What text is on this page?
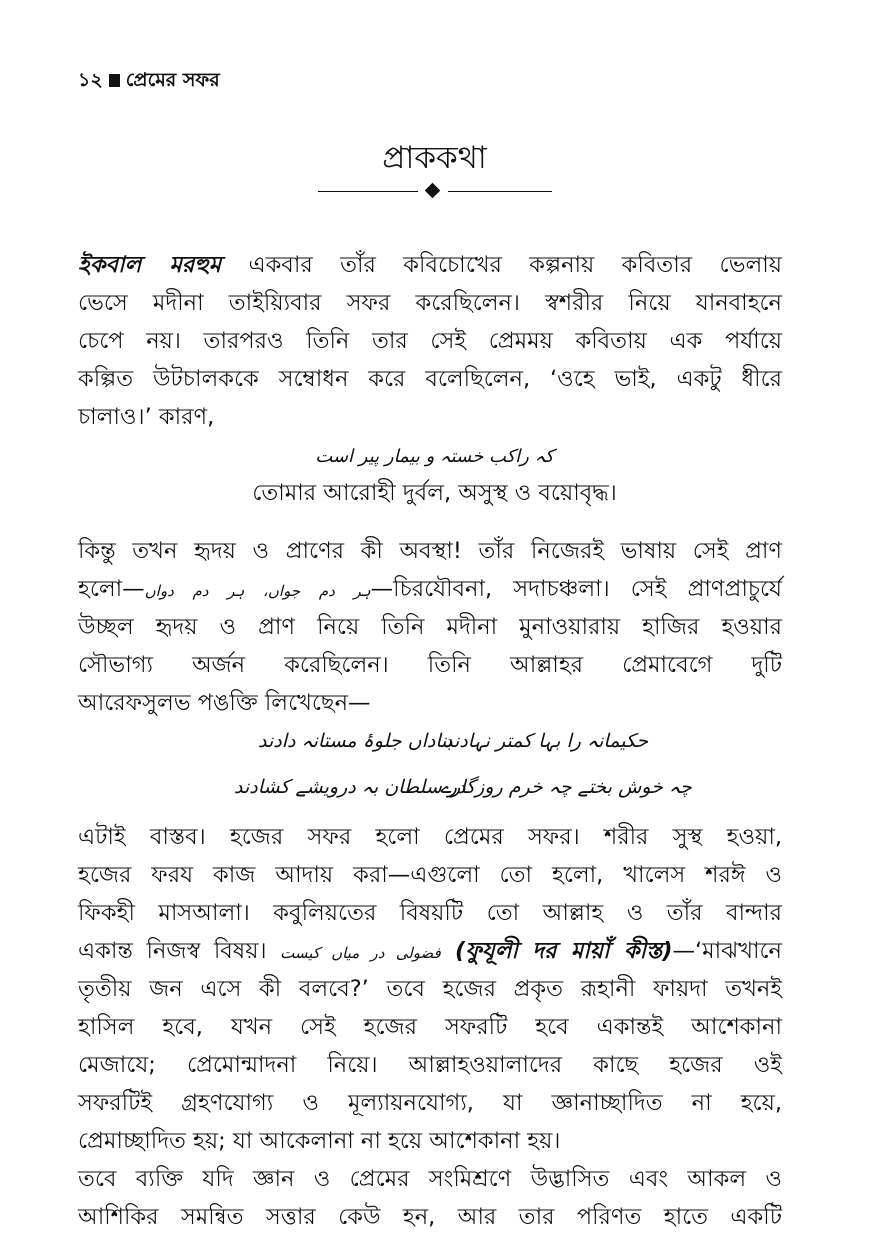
১২ প্রেমের সফর
প্রাককথা
ইকবাল মরহুম একবার তাঁর কবিচোখের কল্পনায় কবিতার ভেলায়
ভেসে মদীনা তাইয়্যিবার সফর করেছিলেন। স্বশরীর নিয়ে যানবাহনে
চেপে নয়। তারপরও তিনি তার সেই প্রেমময় কবিতায় এক পর্যায়ে
কল্পিত উটচালককে সম্বোধন করে বলেছিলেন, ‘ওহে ভাই, একটু ধীরে
চালাও।’ কারণ,
کہ راکب خستہ و بیمار پیر است
তোমার আরোহী দুর্বল, অসুস্থ ও বয়োবৃদ্ধ।
কিন্তু তখন হৃদয় ও প্রাণের কী অবস্থা! তাঁর নিজেরই ভাষায় সেই প্রাণ
হলো—ہر دم جواں، ہر دم دواں—চিরযৌবনা, সদাচঞ্চলা। সেই প্রাণপ্রাচুর্যে
উচ্ছল হৃদয় ও প্রাণ নিয়ে তিনি মদীনা মুনাওয়ারায় হাজির হওয়ার
সৌভাগ্য অর্জন করেছিলেন। তিনি আল্লাহর প্রেমাবেগে দুটি
আরেফসুলভ পঙক্তি লিখেছেন—
بناداں جلوۂ مستانہ دادند
حکیمانہ را بہا کمتر نہادند
در سلطان بہ درویشے کشادند
چہ خوش بختے چہ خرم روزگارے
এটাই বাস্তব। হজের সফর হলো প্রেমের সফর। শরীর সুস্থ হওয়া,
হজের ফরয কাজ আদায় করা—এগুলো তো হলো, খালেস শরঈ ও
ফিকহী মাসআলা। কবুলিয়তের বিষয়টি তো আল্লাহ ও তাঁর বান্দার
একান্ত নিজস্ব বিষয়। فضولی در میاں کیست (ফুযূলী দর মায়াঁ কীস্ত)—‘মাঝখানে
তৃতীয় জন এসে কী বলবে?’ তবে হজের প্রকৃত রূহানী ফায়দা তখনই
হাসিল হবে, যখন সেই হজের সফরটি হবে একান্তই আশেকানা
মেজাযে; প্রেমোন্মাদনা নিয়ে। আল্লাহওয়ালাদের কাছে হজের ওই
সফরটিই গ্রহণযোগ্য ও মূল্যায়নযোগ্য, যা জ্ঞানাচ্ছাদিত না হয়ে,
প্রেমাচ্ছাদিত হয়; যা আকেলানা না হয়ে আশেকানা হয়।
তবে ব্যক্তি যদি জ্ঞান ও প্রেমের সংমিশ্রণে উদ্ভাসিত এবং আকল ও
আশিকির সমন্বিত সত্তার কেউ হন, আর তার পরিণত হাতে একটি
